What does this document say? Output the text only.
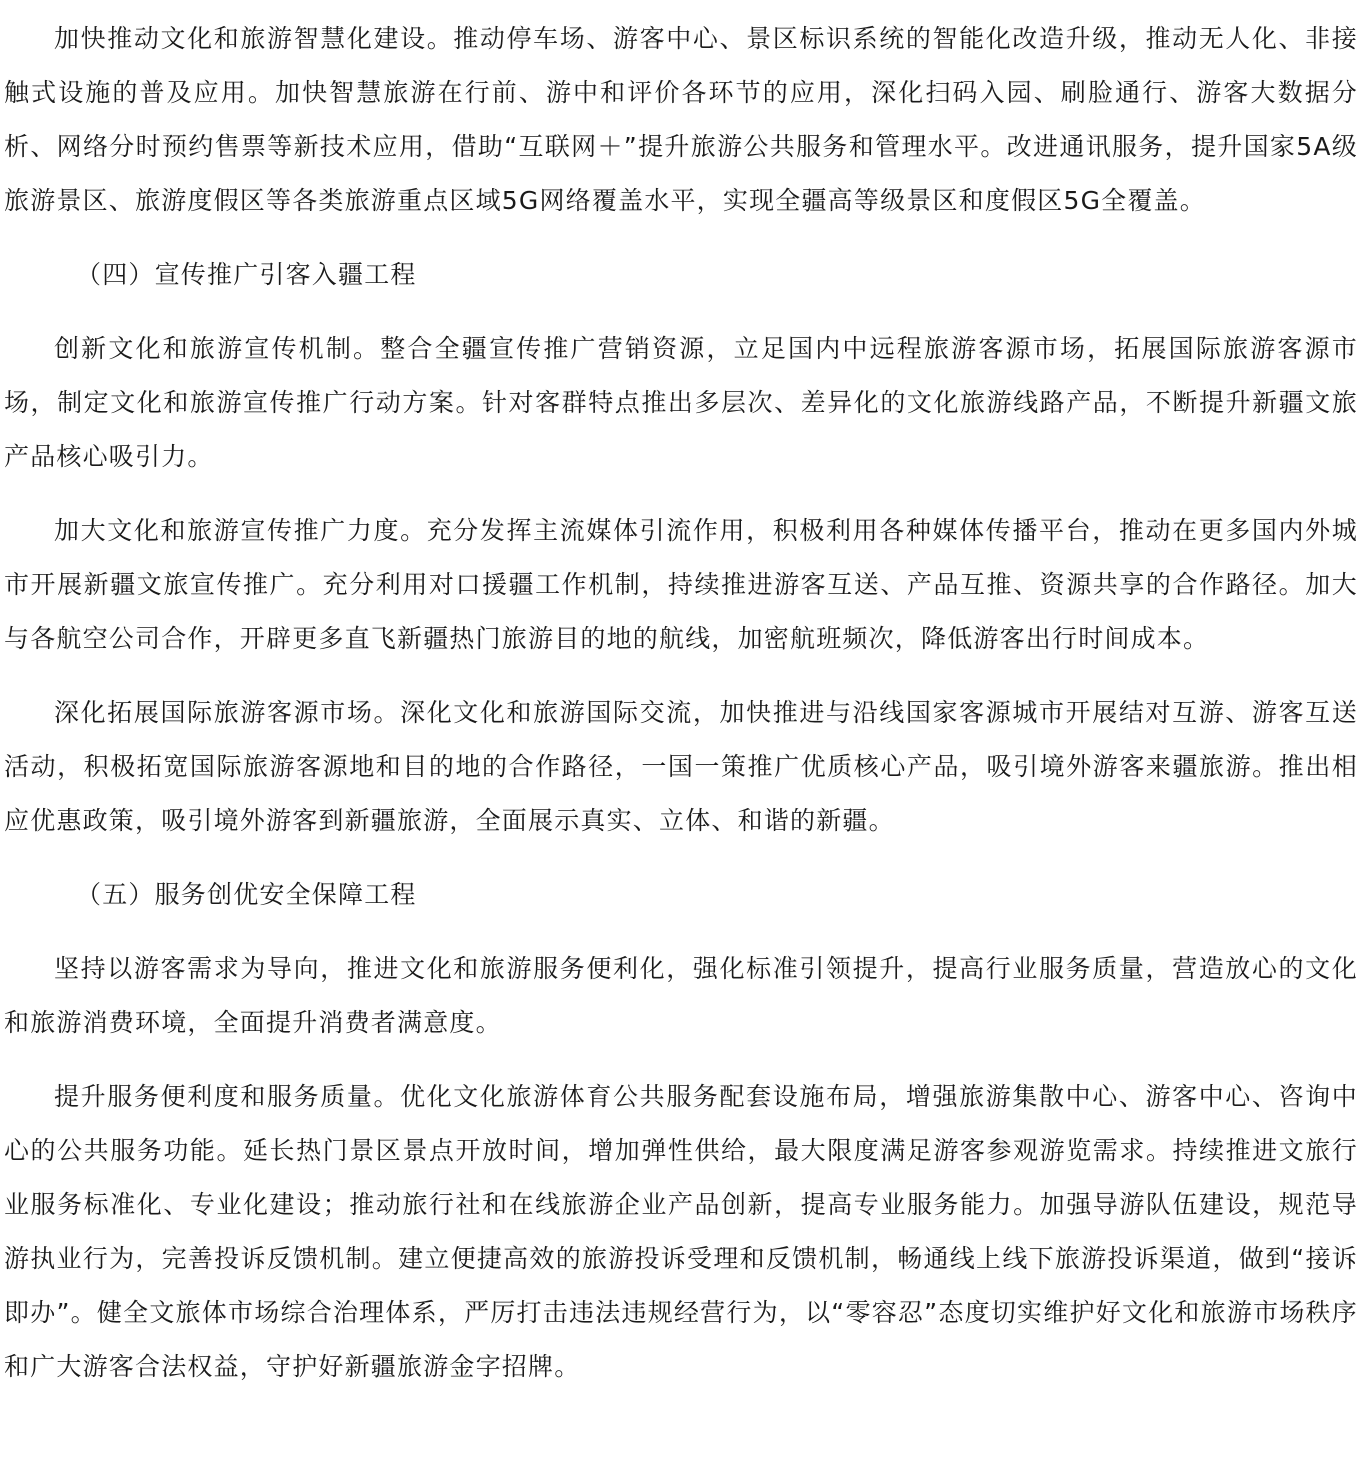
加快推动文化和旅游智慧化建设。推动停车场、游客中心、景区标识系统的智能化改造升级，推动无人化、非接触式设施的普及应用。加快智慧旅游在行前、游中和评价各环节的应用，深化扫码入园、刷脸通行、游客大数据分析、网络分时预约售票等新技术应用，借助“互联网＋”提升旅游公共服务和管理水平。改进通讯服务，提升国家5A级旅游景区、旅游度假区等各类旅游重点区域5G网络覆盖水平，实现全疆高等级景区和度假区5G全覆盖。

（四）宣传推广引客入疆工程

创新文化和旅游宣传机制。整合全疆宣传推广营销资源，立足国内中远程旅游客源市场，拓展国际旅游客源市场，制定文化和旅游宣传推广行动方案。针对客群特点推出多层次、差异化的文化旅游线路产品，不断提升新疆文旅产品核心吸引力。

加大文化和旅游宣传推广力度。充分发挥主流媒体引流作用，积极利用各种媒体传播平台，推动在更多国内外城市开展新疆文旅宣传推广。充分利用对口援疆工作机制，持续推进游客互送、产品互推、资源共享的合作路径。加大与各航空公司合作，开辟更多直飞新疆热门旅游目的地的航线，加密航班频次，降低游客出行时间成本。

深化拓展国际旅游客源市场。深化文化和旅游国际交流，加快推进与沿线国家客源城市开展结对互游、游客互送活动，积极拓宽国际旅游客源地和目的地的合作路径，一国一策推广优质核心产品，吸引境外游客来疆旅游。推出相应优惠政策，吸引境外游客到新疆旅游，全面展示真实、立体、和谐的新疆。

（五）服务创优安全保障工程

坚持以游客需求为导向，推进文化和旅游服务便利化，强化标准引领提升，提高行业服务质量，营造放心的文化和旅游消费环境，全面提升消费者满意度。

提升服务便利度和服务质量。优化文化旅游体育公共服务配套设施布局，增强旅游集散中心、游客中心、咨询中心的公共服务功能。延长热门景区景点开放时间，增加弹性供给，最大限度满足游客参观游览需求。持续推进文旅行业服务标准化、专业化建设；推动旅行社和在线旅游企业产品创新，提高专业服务能力。加强导游队伍建设，规范导游执业行为，完善投诉反馈机制。建立便捷高效的旅游投诉受理和反馈机制，畅通线上线下旅游投诉渠道，做到“接诉即办”。健全文旅体市场综合治理体系，严厉打击违法违规经营行为，以“零容忍”态度切实维护好文化和旅游市场秩序和广大游客合法权益，守护好新疆旅游金字招牌。
